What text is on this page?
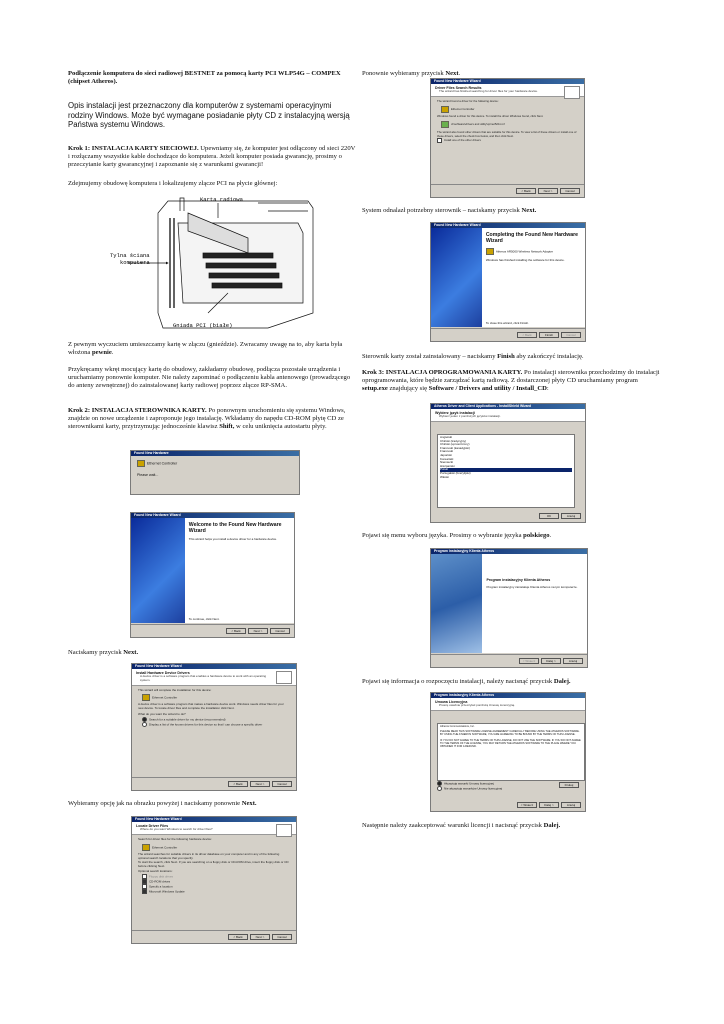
Podłączenie komputera do sieci radiowej BESTNET za pomocą karty PCI WLP54G – COMPEX (chipset Atheros).

Opis instalacji jest przeznaczony dla komputerów z systemami operacyjnymi rodziny Windows. Może być wymagane posiadanie płyty CD z instalacyjną wersją Państwa systemu Windows.

Krok 1: INSTALACJA KARTY SIECIOWEJ. Upewniamy się, że komputer jest odłączony od sieci 220V i rozłączamy wszystkie kable dochodzące do komputera. Jeżeli komputer posiada gwarancję, prosimy o przeczytanie karty gwarancyjnej i zapoznanie się z warunkami gwarancji!

Zdejmujemy obudowę komputera i lokalizujemy złącze PCI na płycie głównej:

Karta radiowa
Tylna ściana komputera
Gniada PCI (białe)

Z pewnym wyczuciem umieszczamy kartę w złączu (gnieździe). Zwracamy uwagę na to, aby karta była włożona pewnie.

Przykręcamy wkręt mocujący kartę do obudowy, zakładamy obudowę, podłącza pozostałe urządzenia i uruchamiamy ponownie komputer. Nie należy zapominać o podłączeniu kabla antenowego (prowadzącego do anteny zewnętrznej) do zainstalowanej karty radiowej poprzez złącze RP-SMA.

Krok 2: INSTALACJA STEROWNIKA KARTY. Po ponownym uruchomieniu się systemu Windows, znajdzie on nowe urządzenie i zaproponuje jego instalację. Wkładamy do napędu CD-ROM płytę CD ze sterownikami karty, przytrzymując jednocześnie klawisz Shift, w celu uniknięcia autostartu płyty.

Found New Hardware
Ethernet Controller
Please wait...
Found New Hardware Wizard
Welcome to the Found New Hardware Wizard
This wizard helps you install a device driver for a hardware device.
To continue, click Next.
< Back	Next >	Cancel

Naciskamy przycisk Next.

Found New Hardware Wizard
Install Hardware Device Drivers
A device driver is a software program that enables a hardware device to work with an operating system.
This wizard will complete the installation for this device:
Ethernet Controller
A device driver is a software program that makes a hardware device work. Windows needs driver files for your new device. To locate driver files and complete the installation click Next.
What do you want the wizard to do?
Search for a suitable driver for my device (recommended)
Display a list of the known drivers for this device so that I can choose a specific driver
< Back	Next >	Cancel

Wybieramy opcję jak na obrazku powyżej i naciskamy ponownie Next.

Found New Hardware Wizard
Locate Driver Files
Where do you want Windows to search for driver files?
Search for driver files for the following hardware device:
Ethernet Controller
The wizard searches for suitable drivers in its driver database on your computer and in any of the following optional search locations that you specify.
To start the search, click Next. If you are searching on a floppy disk or CD-ROM drive, insert the floppy disk or CD before clicking Next.
Optional search locations:
Floppy disk drives
CD-ROM drives
Specify a location
Microsoft Windows Update
< Back	Next >	Cancel

Ponownie wybieramy przycisk Next.

Found New Hardware Wizard
Driver Files Search Results
The wizard has finished searching for driver files for your hardware device.
The wizard found a driver for the following device:
Ethernet Controller
Windows found a driver for this device. To install the driver Windows found, click Next.
d:\software\drivers and utility\xp\net5211.inf
The wizard also found other drivers that are suitable for this device. To view a list of these drivers or install one of these drivers, select the check box below, and then click Next.
Install one of the other drivers
< Back	Next >	Cancel

System odnalazł potrzebny sterownik – naciskamy przycisk Next.

Found New Hardware Wizard
Completing the Found New Hardware Wizard
Atheros AR5000 Wireless Network Adapter
Windows has finished installing the software for this device.
To close this wizard, click Finish.
< Back	Finish	Cancel

Sterownik karty został zainstalowany – naciskamy Finish aby zakończyć instalację.

Krok 3: INSTALACJA OPROGRAMOWANIA KARTY. Po instalacji sterownika przechodzimy do instalacji oprogramowania, które będzie zarządzać kartą radiową. Z dostarczonej płyty CD uruchamiamy program setup.exe znajdujący się Software / Drivers and utility / Install_CD:

Atheros Driver and Client Applications - InstallShield Wizard
Wybierz język instalacji
Wybierz jeden z poniższych języków instalacji.
Angielski
Chiński (tradycyjny)
Chiński (uproszczony)
Francuski (kanadyjski)
Francuski
Japoński
Koreański
Niemiecki
Hiszpański
Polski
Portugalski (brazylijski)
Włoski
OK	Anuluj

Pojawi się menu wyboru języka. Prosimy o wybranie języka polskiego.

Program instalacyjny Klienta Atheros
Program instalacyjny Klienta Atheros
Program instalacyjny zainstaluje Klienta Atheros na tym komputerze.
< Wstecz	Dalej >	Anuluj

Pojawi się informacja o rozpoczęciu instalacji, należy nacisnąć przycisk Dalej.

Program instalacyjny Klienta Atheros
Umowa Licencyjna
Proszę uważnie przeczytać poniższą Umowę Licencyjną.
Atheros Communications, Inc.
PLEASE READ THIS SOFTWARE LICENSE AGREEMENT CAREFULLY BEFORE USING THE ATHEROS SOFTWARE. BY USING THE ATHEROS SOFTWARE, YOU ARE AGREEING TO BE BOUND BY THE TERMS OF THIS LICENSE.
IF YOU DO NOT AGREE TO THE TERMS OF THIS LICENSE, DO NOT USE THE SOFTWARE. IF YOU DO NOT AGREE TO THE TERMS OF THE LICENSE, YOU MAY RETURN THE ATHEROS SOFTWARE TO THE PLACE WHERE YOU OBTAINED IT FOR A REFUND.
Akceptuję warunki Umowy licencyjnej
Nie akceptuję warunków Umowy licencyjnej
Drukuj
< Wstecz	Dalej >	Anuluj

Następnie należy zaakceptować warunki licencji i nacisnąć przycisk Dalej.
